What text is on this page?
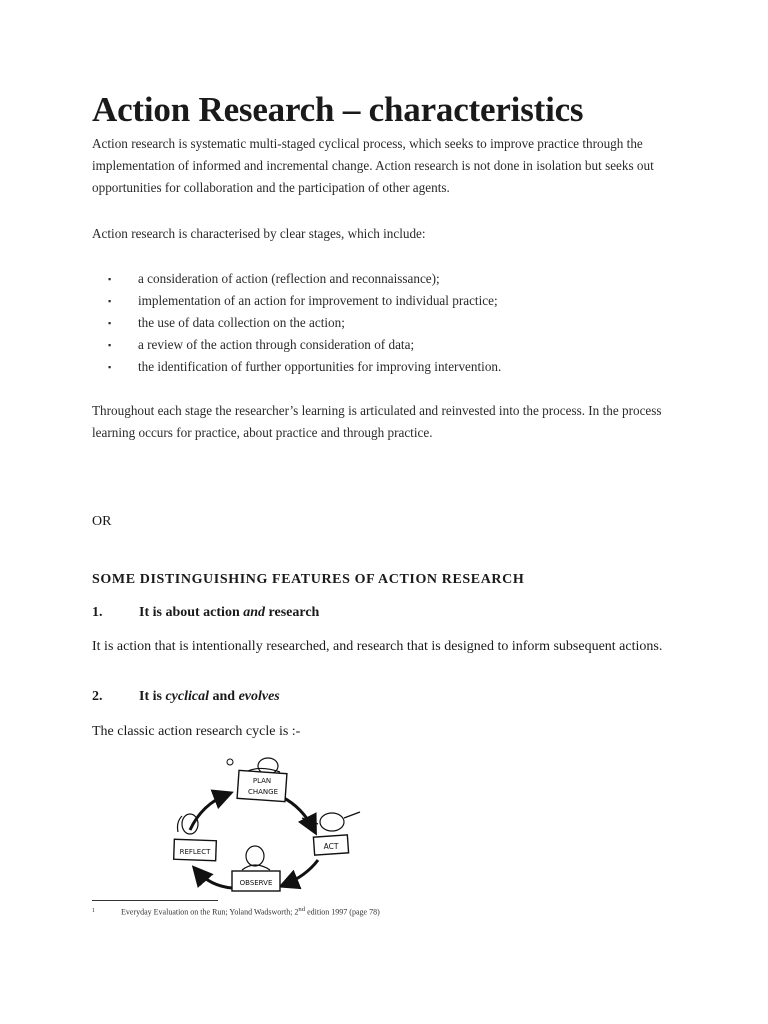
Action Research – characteristics

Action research is systematic multi-staged cyclical process, which seeks to improve practice through the implementation of informed and incremental change. Action research is not done in isolation but seeks out opportunities for collaboration and the participation of other agents.

Action research is characterised by clear stages, which include:

▪ a consideration of action (reflection and reconnaissance);
▪ implementation of an action for improvement to individual practice;
▪ the use of data collection on the action;
▪ a review of the action through consideration of data;
▪ the identification of further opportunities for improving intervention.

Throughout each stage the researcher’s learning is articulated and reinvested into the process. In the process learning occurs for practice, about practice and through practice.

OR
SOME DISTINGUISHING FEATURES OF ACTION RESEARCH
1.	It is about action and research
It is action that is intentionally researched, and research that is designed to inform subsequent actions.
2.	It is cyclical and evolves
The classic action research cycle is :-
PLAN
CHANGE
ACT
OBSERVE
REFLECT
$^1$	Everyday Evaluation on the Run; Yoland Wadsworth; 2nd edition 1997 (page 78)
